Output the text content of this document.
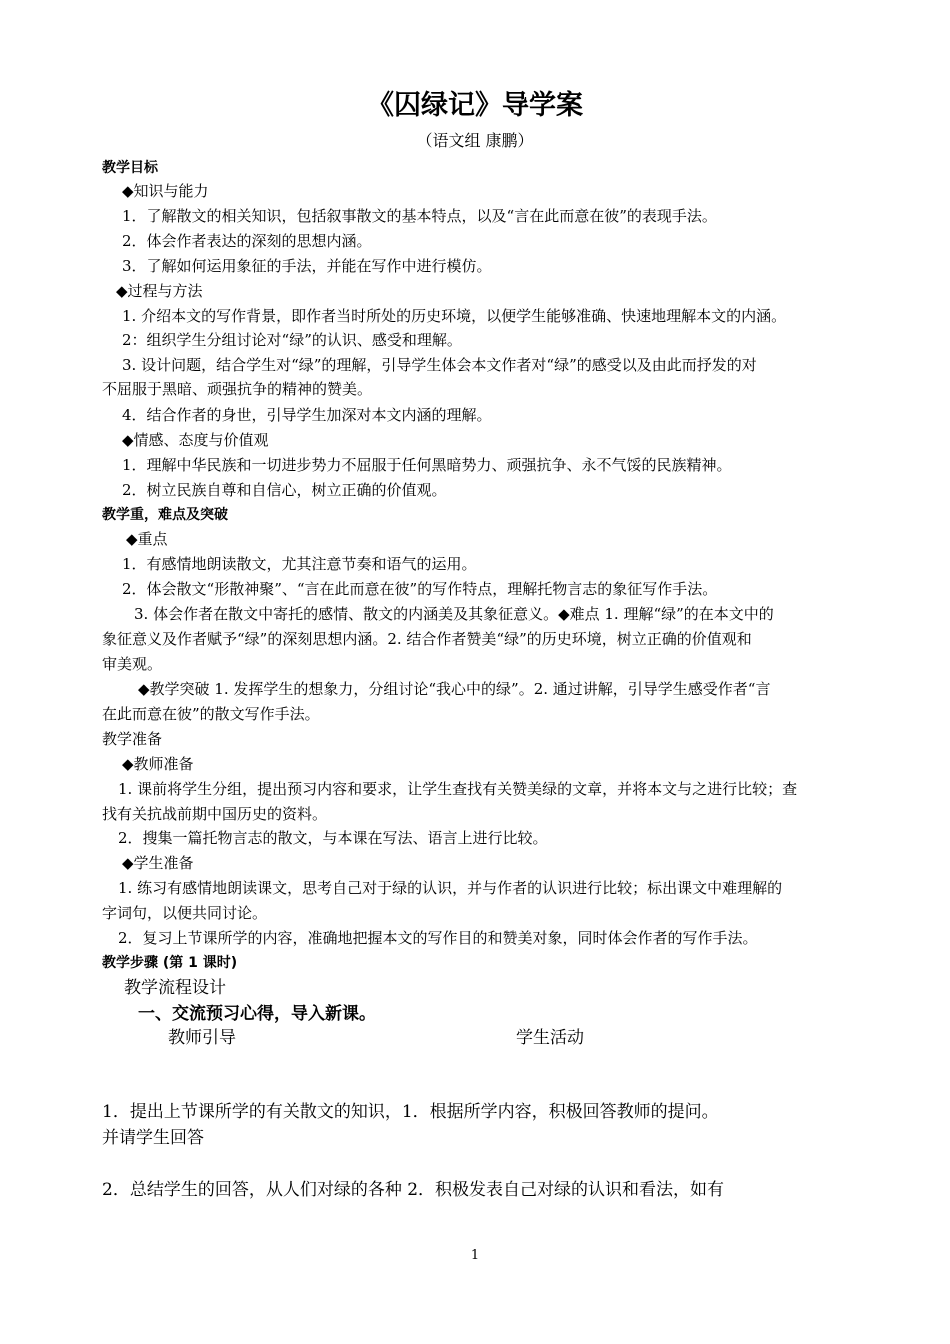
《囚绿记》导学案
（语文组 康鹏）
教学目标
◆知识与能力
1．了解散文的相关知识，包括叙事散文的基本特点，以及“言在此而意在彼”的表现手法。
2．体会作者表达的深刻的思想内涵。
3．了解如何运用象征的手法，并能在写作中进行模仿。
◆过程与方法
1. 介绍本文的写作背景，即作者当时所处的历史环境，以便学生能够准确、快速地理解本文的内涵。
2：组织学生分组讨论对“绿”的认识、感受和理解。
3. 设计问题，结合学生对“绿”的理解，引导学生体会本文作者对“绿”的感受以及由此而抒发的对
不屈服于黑暗、顽强抗争的精神的赞美。
4．结合作者的身世，引导学生加深对本文内涵的理解。
◆情感、态度与价值观
1．理解中华民族和一切进步势力不屈服于任何黑暗势力、顽强抗争、永不气馁的民族精神。
2．树立民族自尊和自信心，树立正确的价值观。
教学重，难点及突破
◆重点
1．有感情地朗读散文，尤其注意节奏和语气的运用。
2．体会散文“形散神聚”、“言在此而意在彼”的写作特点，理解托物言志的象征写作手法。
3. 体会作者在散文中寄托的感情、散文的内涵美及其象征意义。◆难点 1. 理解“绿”的在本文中的
象征意义及作者赋予“绿”的深刻思想内涵。2. 结合作者赞美“绿”的历史环境，树立正确的价值观和
审美观。
◆教学突破 1. 发挥学生的想象力，分组讨论“我心中的绿”。2. 通过讲解，引导学生感受作者“言
在此而意在彼”的散文写作手法。
教学准备
◆教师准备
1. 课前将学生分组，提出预习内容和要求，让学生查找有关赞美绿的文章，并将本文与之进行比较；查
找有关抗战前期中国历史的资料。
2．搜集一篇托物言志的散文，与本课在写法、语言上进行比较。
◆学生准备
1. 练习有感情地朗读课文，思考自己对于绿的认识，并与作者的认识进行比较；标出课文中难理解的
字词句，以便共同讨论。
2．复习上节课所学的内容，准确地把握本文的写作目的和赞美对象，同时体会作者的写作手法。
教学步骤 (第 1 课时)
教学流程设计
一、交流预习心得，导入新课。
教师引导	学生活动
1．提出上节课所学的有关散文的知识，1．根据所学内容，积极回答教师的提问。
并请学生回答
2．总结学生的回答，从人们对绿的各种 2．积极发表自己对绿的认识和看法，如有
1
